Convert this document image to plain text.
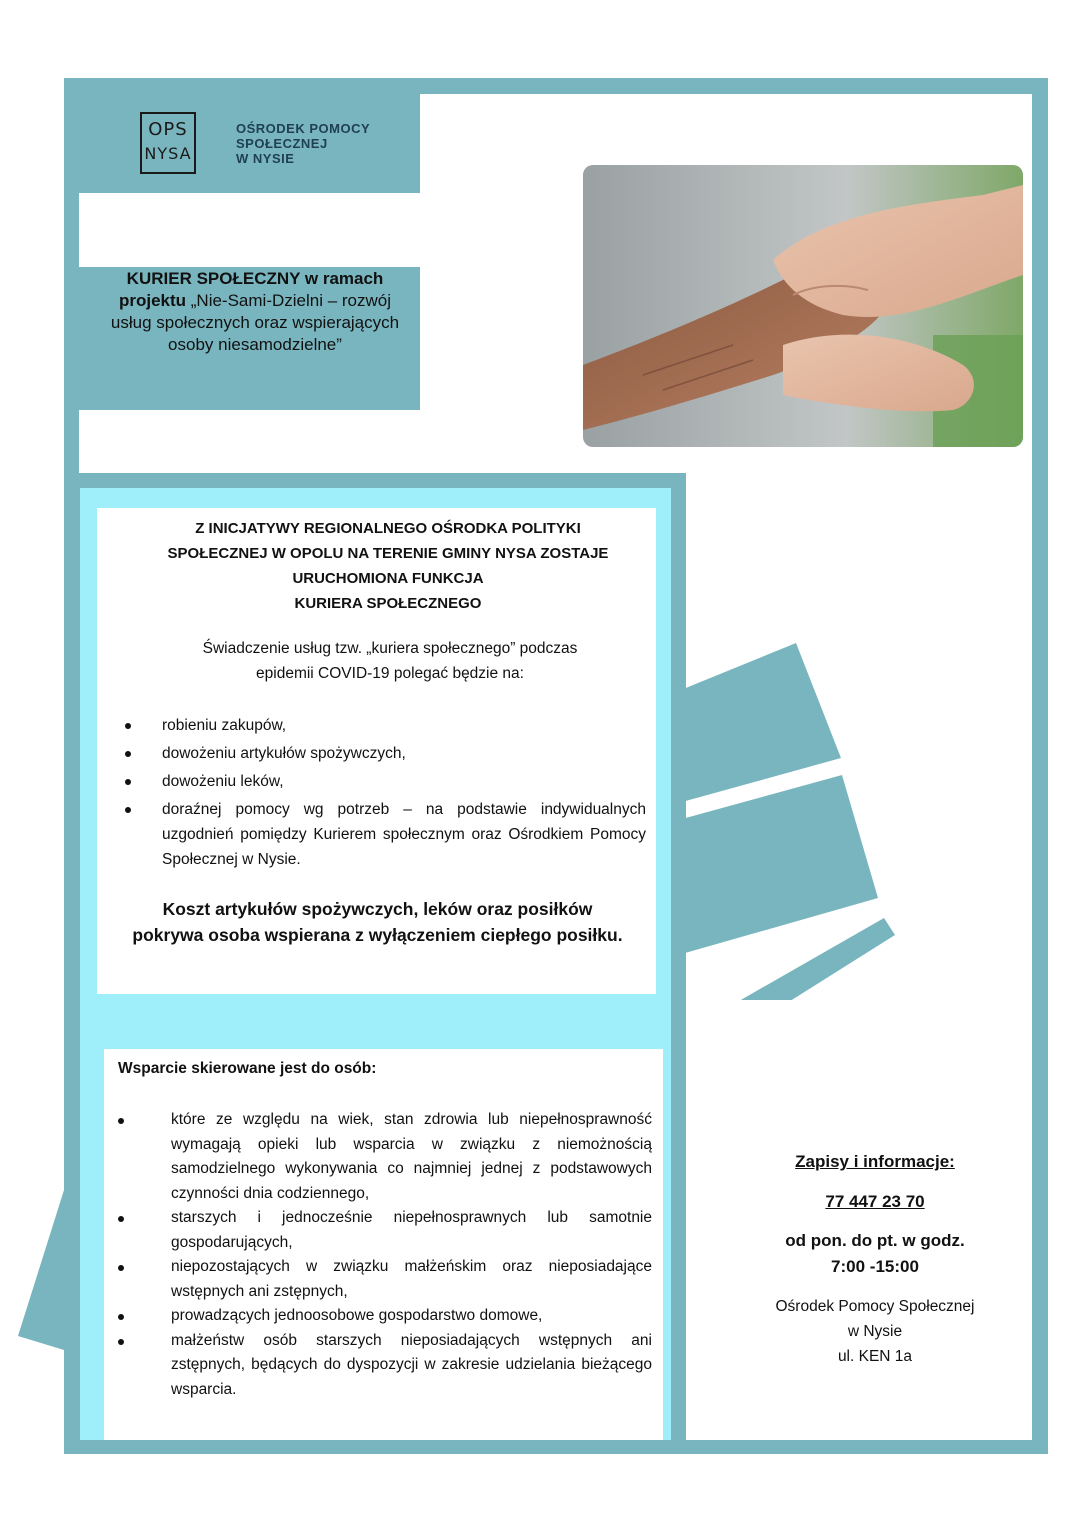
OPS
NYSA
OŚRODEK POMOCY
SPOŁECZNEJ
W NYSIE
KURIER SPOŁECZNY w ramach
projektu „Nie-Sami-Dzielni – rozwój usług społecznych oraz wspierających osoby niesamodzielne”
Z INICJATYWY REGIONALNEGO OŚRODKA POLITYKI
SPOŁECZNEJ W OPOLU NA TERENIE GMINY NYSA ZOSTAJE
URUCHOMIONA FUNKCJA
KURIERA SPOŁECZNEGO
Świadczenie usług tzw. „kuriera społecznego” podczas
epidemii COVID-19 polegać będzie na:
robieniu zakupów,
dowożeniu artykułów spożywczych,
dowożeniu leków,
doraźnej pomocy wg potrzeb – na podstawie indywidualnych uzgodnień pomiędzy Kurierem społecznym oraz Ośrodkiem Pomocy Społecznej w Nysie.
Koszt artykułów spożywczych, leków oraz posiłków
pokrywa osoba wspierana z wyłączeniem ciepłego posiłku.
Wsparcie skierowane jest do osób:
które ze względu na wiek, stan zdrowia lub niepełnosprawność wymagają opieki lub wsparcia w związku z niemożnością samodzielnego wykonywania co najmniej jednej z podstawowych czynności dnia codziennego,
starszych i jednocześnie niepełnosprawnych lub samotnie gospodarujących,
niepozostających w związku małżeńskim oraz nieposiadające wstępnych ani zstępnych,
prowadzących jednoosobowe gospodarstwo domowe,
małżeństw osób starszych nieposiadających wstępnych ani zstępnych, będących do dyspozycji w zakresie udzielania bieżącego wsparcia.
Zapisy i informacje:
77 447 23 70
od pon. do pt. w godz.
7:00 -15:00
Ośrodek Pomocy Społecznej
w Nysie
ul. KEN 1a
